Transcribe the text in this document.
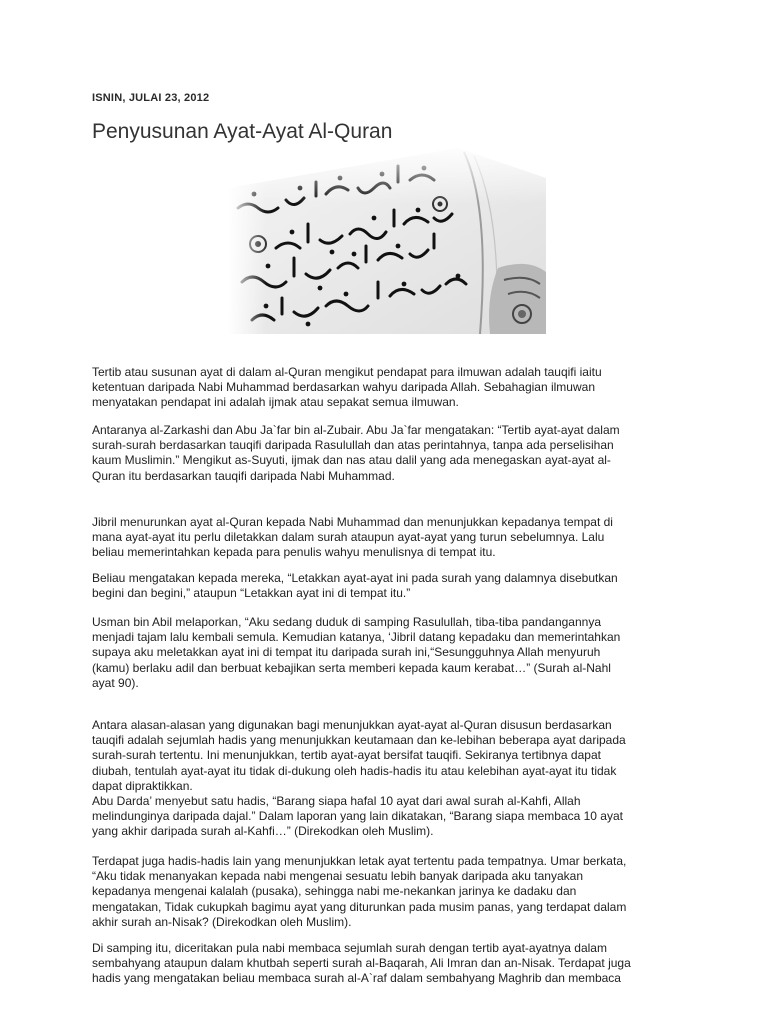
ISNIN, JULAI 23, 2012
Penyusunan Ayat-Ayat Al-Quran

Tertib atau susunan ayat di dalam al-Quran mengikut pendapat para ilmuwan adalah tauqifi iaitu
ketentuan daripada Nabi Muhammad berdasarkan wahyu daripada Allah. Sebahagian ilmuwan
menyatakan pendapat ini adalah ijmak atau sepakat semua ilmuwan.

Antaranya al-Zarkashi dan Abu Ja`far bin al-Zubair. Abu Ja`far mengatakan: “Tertib ayat-ayat dalam
surah-surah berdasarkan tauqifi daripada Rasulullah dan atas perintahnya, tanpa ada perselisihan
kaum Muslimin.” Mengikut as-Suyuti, ijmak dan nas atau dalil yang ada menegaskan ayat-ayat al-
Quran itu berdasarkan tauqifi daripada Nabi Muhammad.

Jibril menurunkan ayat al-Quran kepada Nabi Muhammad dan menunjukkan kepadanya tempat di
mana ayat-ayat itu perlu diletakkan dalam surah ataupun ayat-ayat yang turun sebelumnya. Lalu
beliau memerintahkan kepada para penulis wahyu menulisnya di tempat itu.

Beliau mengatakan kepada mereka, “Letakkan ayat-ayat ini pada surah yang dalamnya disebutkan
begini dan begini,” ataupun “Letakkan ayat ini di tempat itu.”

Usman bin Abil melaporkan, “Aku sedang duduk di samping Rasulullah, tiba-tiba pandangannya
menjadi tajam lalu kembali semula. Kemudian katanya, ‘Jibril datang kepadaku dan memerintahkan
supaya aku meletakkan ayat ini di tempat itu daripada surah ini,“Sesungguhnya Allah menyuruh
(kamu) berlaku adil dan berbuat kebajikan serta memberi kepada kaum kerabat…” (Surah al-Nahl
ayat 90).

Antara alasan-alasan yang digunakan bagi menunjukkan ayat-ayat al-Quran disusun berdasarkan
tauqifi adalah sejumlah hadis yang menunjukkan keutamaan dan ke-lebihan beberapa ayat daripada
surah-surah tertentu. Ini menunjukkan, tertib ayat-ayat bersifat tauqifi. Sekiranya tertibnya dapat
diubah, tentulah ayat-ayat itu tidak di-dukung oleh hadis-hadis itu atau kelebihan ayat-ayat itu tidak
dapat dipraktikkan.
Abu Darda’ menyebut satu hadis, “Barang siapa hafal 10 ayat dari awal surah al-Kahfi, Allah
melindunginya daripada dajal.” Dalam laporan yang lain dikatakan, “Barang siapa membaca 10 ayat
yang akhir daripada surah al-Kahfi…” (Direkodkan oleh Muslim).

Terdapat juga hadis-hadis lain yang menunjukkan letak ayat tertentu pada tempatnya. Umar berkata,
“Aku tidak menanyakan kepada nabi mengenai sesuatu lebih banyak daripada aku tanyakan
kepadanya mengenai kalalah (pusaka), sehingga nabi me-nekankan jarinya ke dadaku dan
mengatakan, Tidak cukupkah bagimu ayat yang diturunkan pada musim panas, yang terdapat dalam
akhir surah an-Nisak? (Direkodkan oleh Muslim).

Di samping itu, diceritakan pula nabi membaca sejumlah surah dengan tertib ayat-ayatnya dalam
sembahyang ataupun dalam khutbah seperti surah al-Baqarah, Ali Imran dan an-Nisak. Terdapat juga
hadis yang mengatakan beliau membaca surah al-A`raf dalam sembahyang Maghrib dan membaca
